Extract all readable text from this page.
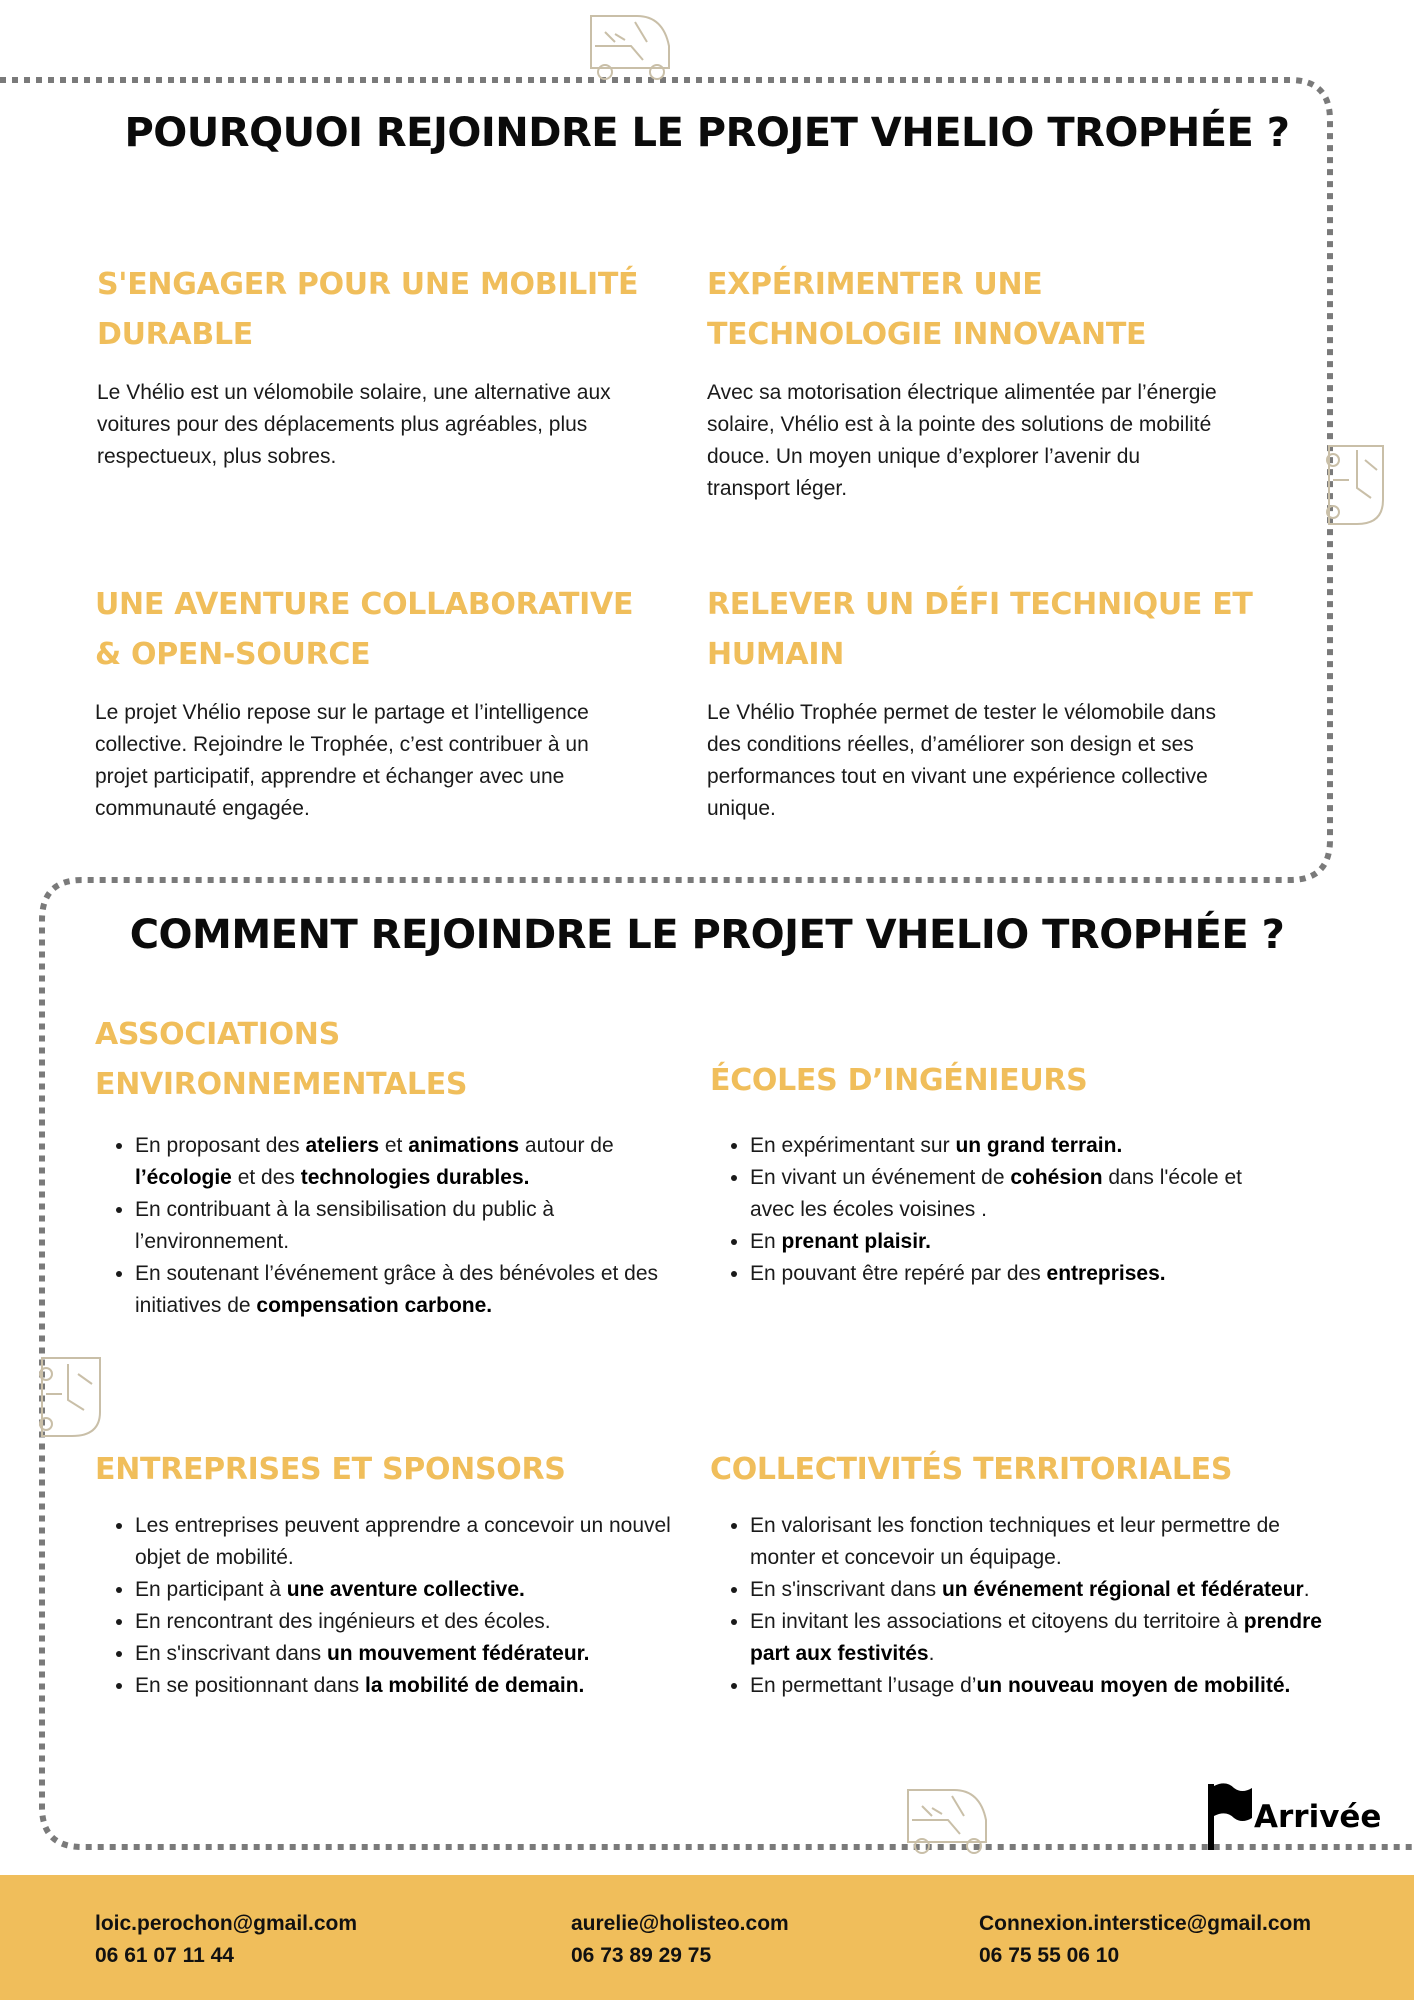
POURQUOI REJOINDRE LE PROJET VHELIO TROPHÉE ?
S'ENGAGER POUR UNE MOBILITÉ DURABLE

Le Vhélio est un vélomobile solaire, une alternative aux voitures pour des déplacements plus agréables, plus respectueux, plus sobres.

EXPÉRIMENTER UNE TECHNOLOGIE INNOVANTE

Avec sa motorisation électrique alimentée par l’énergie solaire, Vhélio est à la pointe des solutions de mobilité douce. Un moyen unique d’explorer l’avenir du transport léger.

UNE AVENTURE COLLABORATIVE & OPEN-SOURCE

Le projet Vhélio repose sur le partage et l’intelligence collective. Rejoindre le Trophée, c’est contribuer à un projet participatif, apprendre et échanger avec une communauté engagée.

RELEVER UN DÉFI TECHNIQUE ET HUMAIN

Le Vhélio Trophée permet de tester le vélomobile dans des conditions réelles, d’améliorer son design et ses performances tout en vivant une expérience collective unique.

COMMENT REJOINDRE LE PROJET VHELIO TROPHÉE ?
ASSOCIATIONS ENVIRONNEMENTALES
• En proposant des ateliers et animations autour de l’écologie et des technologies durables.
• En contribuant à la sensibilisation du public à l’environnement.
• En soutenant l’événement grâce à des bénévoles et des initiatives de compensation carbone.
ÉCOLES D’INGÉNIEURS
• En expérimentant sur un grand terrain.
• En vivant un événement de cohésion dans l'école et avec les écoles voisines .
• En prenant plaisir.
• En pouvant être repéré par des entreprises.
ENTREPRISES ET SPONSORS
• Les entreprises peuvent apprendre a concevoir un nouvel objet de mobilité.
• En participant à une aventure collective.
• En rencontrant des ingénieurs et des écoles.
• En s'inscrivant dans un mouvement fédérateur.
• En se positionnant dans la mobilité de demain.
COLLECTIVITÉS TERRITORIALES
• En valorisant les fonction techniques et leur permettre de monter et concevoir un équipage.
• En s'inscrivant dans un événement régional et fédérateur.
• En invitant les associations et citoyens du territoire à prendre part aux festivités.
• En permettant l’usage d’un nouveau moyen de mobilité.
Arrivée
loic.perochon@gmail.com
06 61 07 11 44
aurelie@holisteo.com
06 73 89 29 75
Connexion.interstice@gmail.com
06 75 55 06 10
